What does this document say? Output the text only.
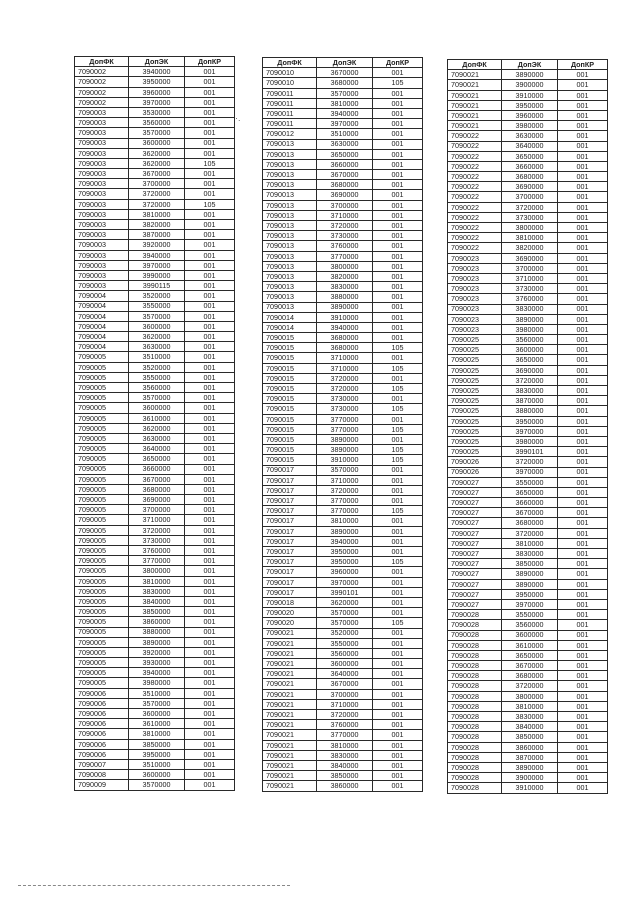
·.
ДопФК	ДопЭК	ДопКР
7090002	3940000	001
7090002	3950000	001
7090002	3960000	001
7090002	3970000	001
7090003	3530000	001
7090003	3560000	001
7090003	3570000	001
7090003	3600000	001
7090003	3620000	001
7090003	3620000	105
7090003	3670000	001
7090003	3700000	001
7090003	3720000	001
7090003	3720000	105
7090003	3810000	001
7090003	3820000	001
7090003	3870000	001
7090003	3920000	001
7090003	3940000	001
7090003	3970000	001
7090003	3990000	001
7090003	3990115	001
7090004	3520000	001
7090004	3550000	001
7090004	3570000	001
7090004	3600000	001
7090004	3620000	001
7090004	3630000	001
7090005	3510000	001
7090005	3520000	001
7090005	3550000	001
7090005	3560000	001
7090005	3570000	001
7090005	3600000	001
7090005	3610000	001
7090005	3620000	001
7090005	3630000	001
7090005	3640000	001
7090005	3650000	001
7090005	3660000	001
7090005	3670000	001
7090005	3680000	001
7090005	3690000	001
7090005	3700000	001
7090005	3710000	001
7090005	3720000	001
7090005	3730000	001
7090005	3760000	001
7090005	3770000	001
7090005	3800000	001
7090005	3810000	001
7090005	3830000	001
7090005	3840000	001
7090005	3850000	001
7090005	3860000	001
7090005	3880000	001
7090005	3890000	001
7090005	3920000	001
7090005	3930000	001
7090005	3940000	001
7090005	3980000	001
7090006	3510000	001
7090006	3570000	001
7090006	3600000	001
7090006	3610000	001
7090006	3810000	001
7090006	3850000	001
7090006	3950000	001
7090007	3510000	001
7090008	3600000	001
7090009	3570000	001
ДопФК	ДопЭК	ДопКР
7090010	3670000	001
7090010	3680000	105
7090011	3570000	001
7090011	3810000	001
7090011	3940000	001
7090011	3970000	001
7090012	3510000	001
7090013	3630000	001
7090013	3650000	001
7090013	3660000	001
7090013	3670000	001
7090013	3680000	001
7090013	3690000	001
7090013	3700000	001
7090013	3710000	001
7090013	3720000	001
7090013	3730000	001
7090013	3760000	001
7090013	3770000	001
7090013	3800000	001
7090013	3820000	001
7090013	3830000	001
7090013	3880000	001
7090013	3890000	001
7090014	3910000	001
7090014	3940000	001
7090015	3680000	001
7090015	3680000	105
7090015	3710000	001
7090015	3710000	105
7090015	3720000	001
7090015	3720000	105
7090015	3730000	001
7090015	3730000	105
7090015	3770000	001
7090015	3770000	105
7090015	3890000	001
7090015	3890000	105
7090015	3910000	105
7090017	3570000	001
7090017	3710000	001
7090017	3720000	001
7090017	3770000	001
7090017	3770000	105
7090017	3810000	001
7090017	3890000	001
7090017	3940000	001
7090017	3950000	001
7090017	3950000	105
7090017	3960000	001
7090017	3970000	001
7090017	3990101	001
7090018	3620000	001
7090020	3570000	001
7090020	3570000	105
7090021	3520000	001
7090021	3550000	001
7090021	3560000	001
7090021	3600000	001
7090021	3640000	001
7090021	3670000	001
7090021	3700000	001
7090021	3710000	001
7090021	3720000	001
7090021	3760000	001
7090021	3770000	001
7090021	3810000	001
7090021	3830000	001
7090021	3840000	001
7090021	3850000	001
7090021	3860000	001
ДопФК	ДопЭК	ДопКР
7090021	3890000	001
7090021	3900000	001
7090021	3910000	001
7090021	3950000	001
7090021	3960000	001
7090021	3980000	001
7090022	3630000	001
7090022	3640000	001
7090022	3650000	001
7090022	3660000	001
7090022	3680000	001
7090022	3690000	001
7090022	3700000	001
7090022	3720000	001
7090022	3730000	001
7090022	3800000	001
7090022	3810000	001
7090022	3820000	001
7090023	3690000	001
7090023	3700000	001
7090023	3710000	001
7090023	3730000	001
7090023	3760000	001
7090023	3830000	001
7090023	3890000	001
7090023	3980000	001
7090025	3560000	001
7090025	3600000	001
7090025	3650000	001
7090025	3690000	001
7090025	3720000	001
7090025	3830000	001
7090025	3870000	001
7090025	3880000	001
7090025	3950000	001
7090025	3970000	001
7090025	3980000	001
7090025	3990101	001
7090026	3720000	001
7090026	3970000	001
7090027	3550000	001
7090027	3650000	001
7090027	3660000	001
7090027	3670000	001
7090027	3680000	001
7090027	3720000	001
7090027	3810000	001
7090027	3830000	001
7090027	3850000	001
7090027	3890000	001
7090027	3890000	001
7090027	3950000	001
7090027	3970000	001
7090028	3550000	001
7090028	3560000	001
7090028	3600000	001
7090028	3610000	001
7090028	3650000	001
7090028	3670000	001
7090028	3680000	001
7090028	3720000	001
7090028	3800000	001
7090028	3810000	001
7090028	3830000	001
7090028	3840000	001
7090028	3850000	001
7090028	3860000	001
7090028	3870000	001
7090028	3890000	001
7090028	3900000	001
7090028	3910000	001
